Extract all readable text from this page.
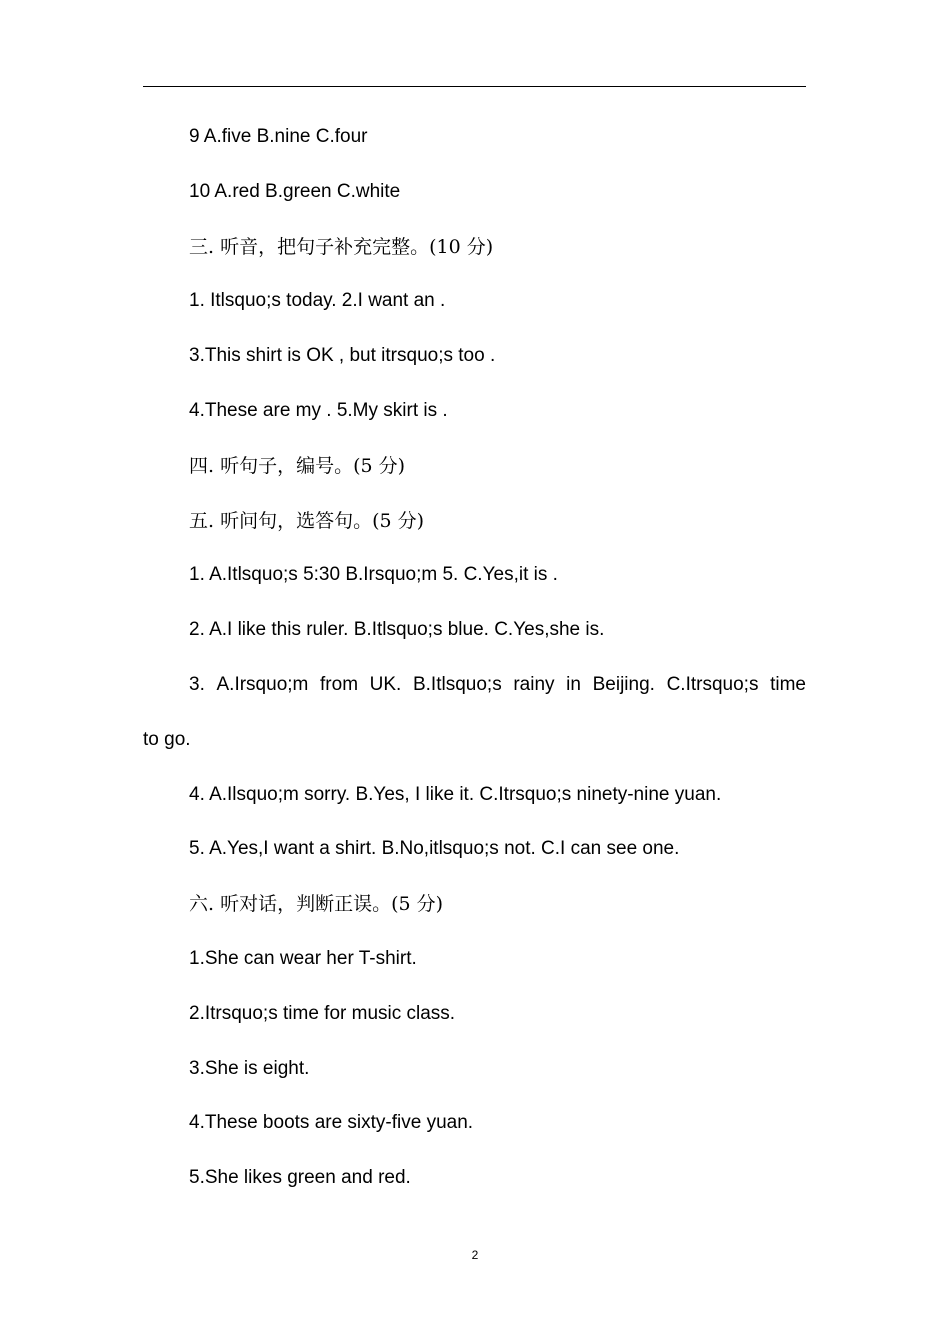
9 A.five B.nine C.four

10 A.red B.green C.white

三. 听音，把句子补充完整。(10 分)

1. Itlsquo;s today. 2.I want an .

3.This shirt is OK , but itrsquo;s too .

4.These are my . 5.My skirt is .

四. 听句子，编号。(5 分)

五. 听问句，选答句。(5 分)

1. A.Itlsquo;s 5:30 B.Irsquo;m 5. C.Yes,it is .

2. A.I like this ruler. B.Itlsquo;s blue. C.Yes,she is.

3. A.Irsquo;m from UK. B.Itlsquo;s rainy in Beijing. C.Itrsquo;s time

to go.

4. A.Ilsquo;m sorry. B.Yes, I like it. C.Itrsquo;s ninety-nine yuan.

5. A.Yes,I want a shirt. B.No,itlsquo;s not. C.I can see one.

六. 听对话，判断正误。(5 分)

1.She can wear her T-shirt.

2.Itrsquo;s time for music class.

3.She is eight.

4.These boots are sixty-five yuan.

5.She likes green and red.

2
